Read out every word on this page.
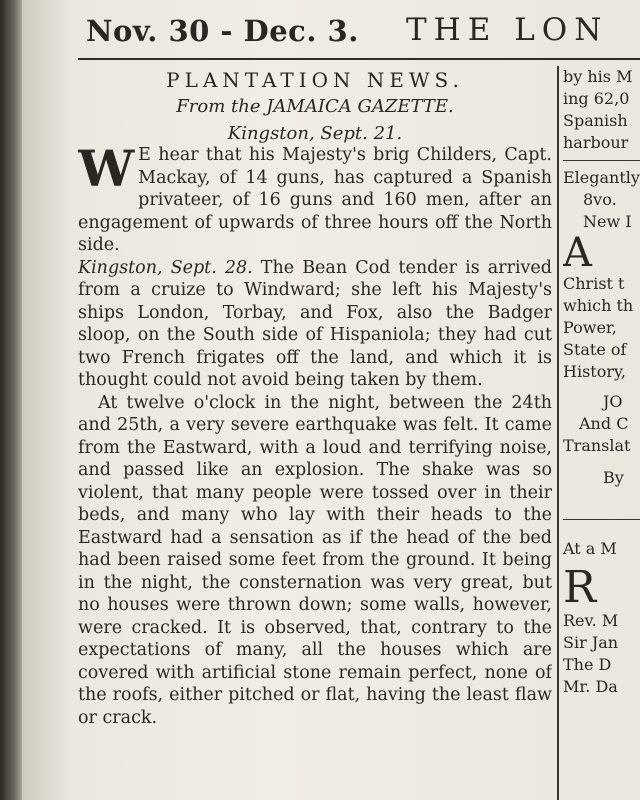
Nov. 30 - Dec. 3. THE LON
PLANTATION NEWS.
From the JAMAICA GAZETTE.
Kingston, Sept. 21.

W E hear that his Majesty's brig Childers, Capt. Mackay, of 14 guns, has captured a Spanish privateer, of 16 guns and 160 men, after an engagement of upwards of three hours off the North side.

Kingston, Sept. 28. The Bean Cod tender is arrived from a cruize to Windward; she left his Majesty's ships London, Torbay, and Fox, also the Badger sloop, on the South side of Hispaniola; they had cut two French frigates off the land, and which it is thought could not avoid being taken by them.

At twelve o'clock in the night, between the 24th and 25th, a very severe earthquake was felt. It came from the Eastward, with a loud and terrifying noise, and passed like an explosion. The shake was so violent, that many people were tossed over in their beds, and many who lay with their heads to the Eastward had a sensation as if the head of the bed had been raised some feet from the ground. It being in the night, the consternation was very great, but no houses were thrown down; some walls, however, were cracked. It is observed, that, contrary to the expectations of many, all the houses which are covered with artificial stone remain perfect, none of the roofs, either pitched or flat, having the least flaw or crack.

by his M
ing 62,0
Spanish
harbour
Elegantly
8vo.
New I
A
Christ t
which th
Power,
State of
History,
JO
And C
Translat
By
At a M
R
Rev. M
Sir Jan
The D
Mr. Da
